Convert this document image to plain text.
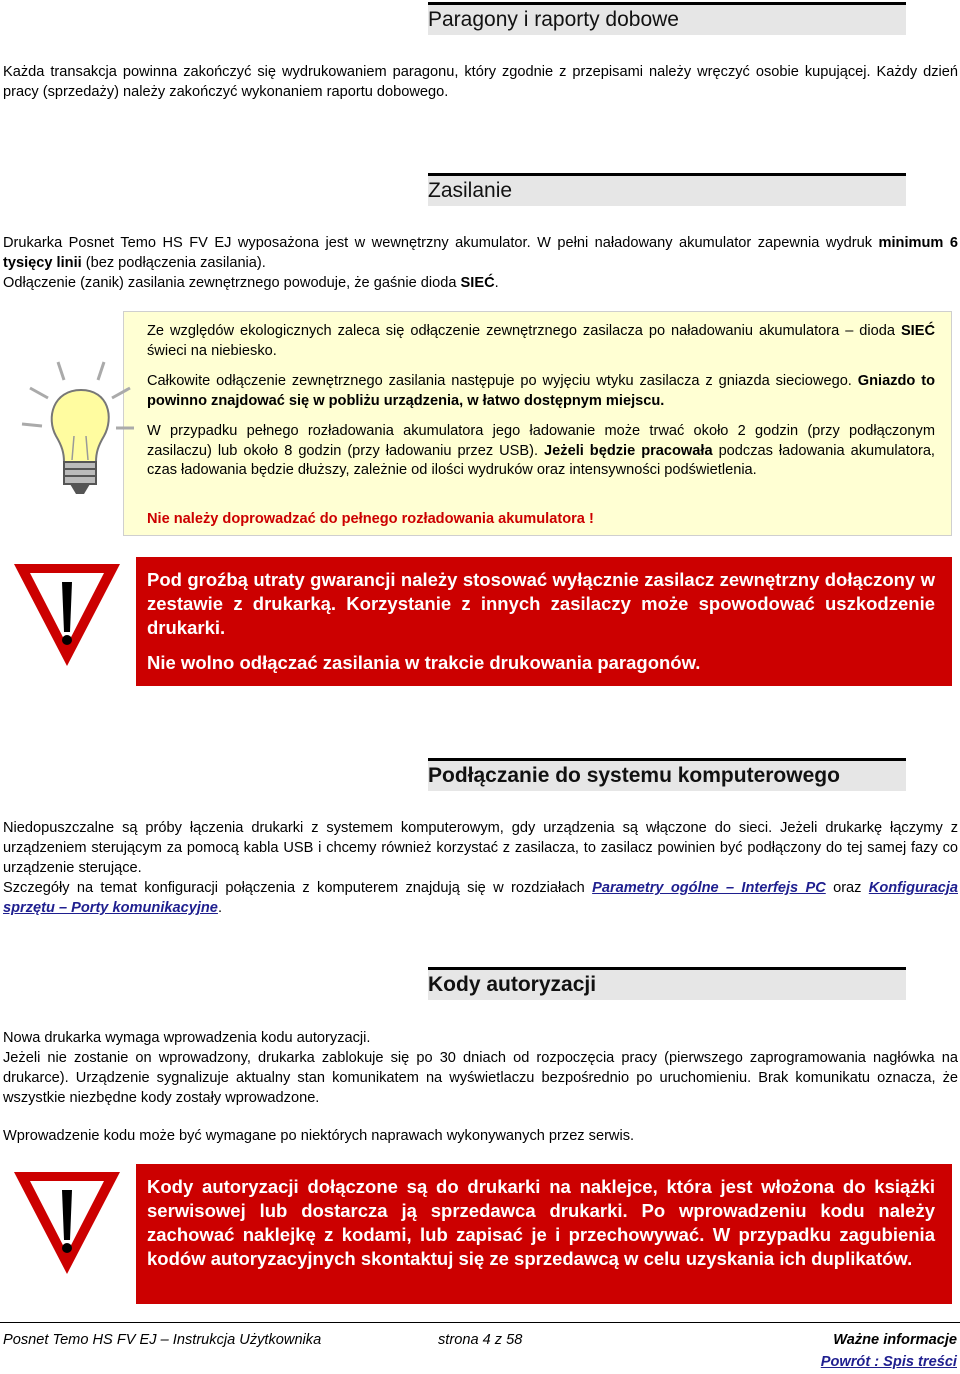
Paragony i raporty dobowe

Każda transakcja powinna zakończyć się wydrukowaniem paragonu, który zgodnie z przepisami należy wręczyć osobie kupującej. Każdy dzień pracy (sprzedaży) należy zakończyć wykonaniem raportu dobowego.

Zasilanie

Drukarka Posnet Temo HS FV EJ wyposażona jest w wewnętrzny akumulator. W pełni naładowany akumulator zapewnia wydruk minimum 6 tysięcy linii (bez podłączenia zasilania).

Odłączenie (zanik) zasilania zewnętrznego powoduje, że gaśnie dioda SIEĆ.

Ze względów ekologicznych zaleca się odłączenie zewnętrznego zasilacza po naładowaniu akumulatora – dioda SIEĆ świeci na niebiesko.
Całkowite odłączenie zewnętrznego zasilania następuje po wyjęciu wtyku zasilacza z gniazda sieciowego. Gniazdo to powinno znajdować się w pobliżu urządzenia, w łatwo dostępnym miejscu.
W przypadku pełnego rozładowania akumulatora jego ładowanie może trwać około 2 godzin (przy podłączonym zasilaczu) lub około 8 godzin (przy ładowaniu przez USB). Jeżeli będzie pracowała podczas ładowania akumulatora, czas ładowania będzie dłuższy, zależnie od ilości wydruków oraz intensywności podświetlenia.
Nie należy doprowadzać do pełnego rozładowania akumulatora !
Pod groźbą utraty gwarancji należy stosować wyłącznie zasilacz zewnętrzny dołączony w zestawie z drukarką. Korzystanie z innych zasilaczy może spowodować uszkodzenie drukarki.
Nie wolno odłączać zasilania w trakcie drukowania paragonów.
Podłączanie do systemu komputerowego

Niedopuszczalne są próby łączenia drukarki z systemem komputerowym, gdy urządzenia są włączone do sieci. Jeżeli drukarkę łączymy z urządzeniem sterującym za pomocą kabla USB i chcemy również korzystać z zasilacza, to zasilacz powinien być podłączony do tej samej fazy co urządzenie sterujące.

Szczegóły na temat konfiguracji połączenia z komputerem znajdują się w rozdziałach Parametry ogólne – Interfejs PC oraz Konfiguracja sprzętu – Porty komunikacyjne.

Kody autoryzacji

Nowa drukarka wymaga wprowadzenia kodu autoryzacji.

Jeżeli nie zostanie on wprowadzony, drukarka zablokuje się po 30 dniach od rozpoczęcia pracy (pierwszego zaprogramowania nagłówka na drukarce). Urządzenie sygnalizuje aktualny stan komunikatem na wyświetlaczu bezpośrednio po uruchomieniu. Brak komunikatu oznacza, że wszystkie niezbędne kody zostały wprowadzone.

Wprowadzenie kodu może być wymagane po niektórych naprawach wykonywanych przez serwis.

Kody autoryzacji dołączone są do drukarki na naklejce, która jest włożona do książki serwisowej lub dostarcza ją sprzedawca drukarki. Po wprowadzeniu kodu należy zachować naklejkę z kodami, lub zapisać je i przechowywać. W przypadku zagubienia kodów autoryzacyjnych skontaktuj się ze sprzedawcą w celu uzyskania ich duplikatów.
Posnet Temo HS FV EJ – Instrukcja Użytkownika	strona 4 z 58	Ważne informacje
Powrót : Spis treści
